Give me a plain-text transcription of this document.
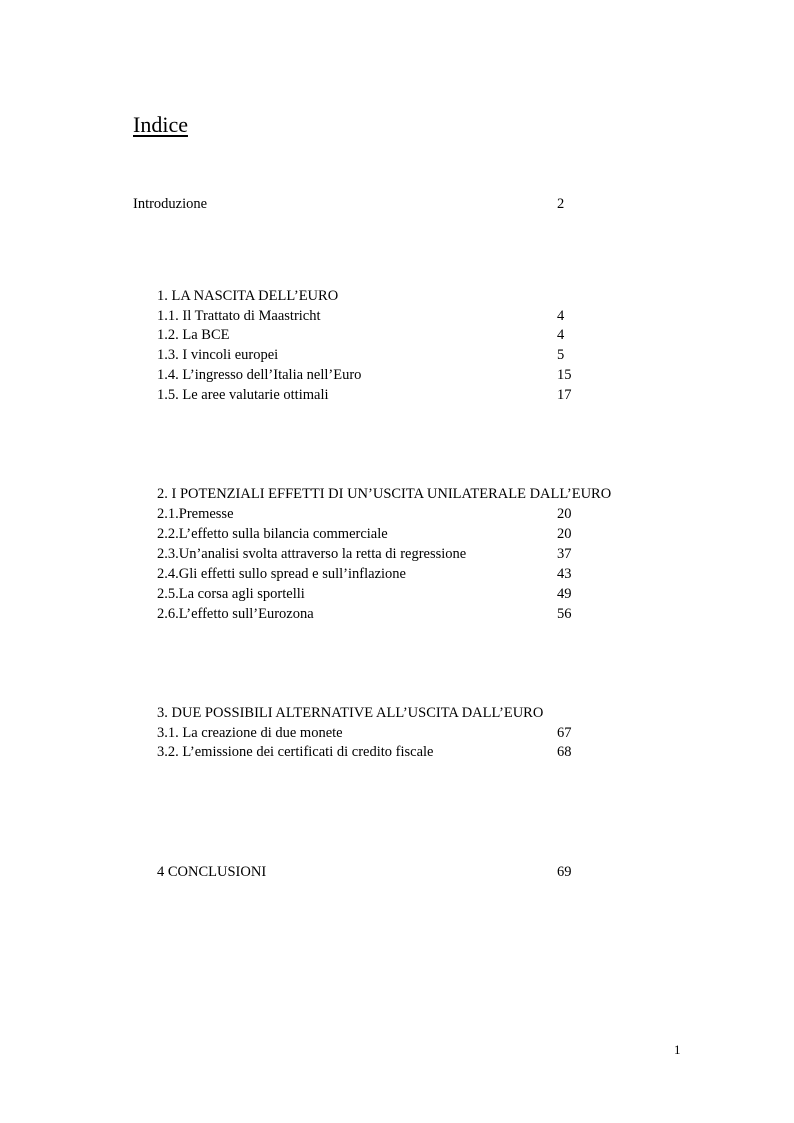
Indice
Introduzione	2
1. LA NASCITA DELL’EURO
1.1. Il Trattato di Maastricht	4
1.2. La BCE	4
1.3. I vincoli europei	5
1.4. L’ingresso dell’Italia nell’Euro	15
1.5. Le aree valutarie ottimali	17
2. I POTENZIALI EFFETTI DI UN’USCITA UNILATERALE DALL’EURO
2.1.Premesse	20
2.2.L’effetto sulla bilancia commerciale	20
2.3.Un’analisi svolta attraverso la retta di regressione	37
2.4.Gli effetti sullo spread e sull’inflazione	43
2.5.La corsa agli sportelli	49
2.6.L’effetto sull’Eurozona	56
3. DUE POSSIBILI ALTERNATIVE ALL’USCITA DALL’EURO
3.1. La creazione di due monete	67
3.2. L’emissione dei certificati di credito fiscale	68
4 CONCLUSIONI	69
1
